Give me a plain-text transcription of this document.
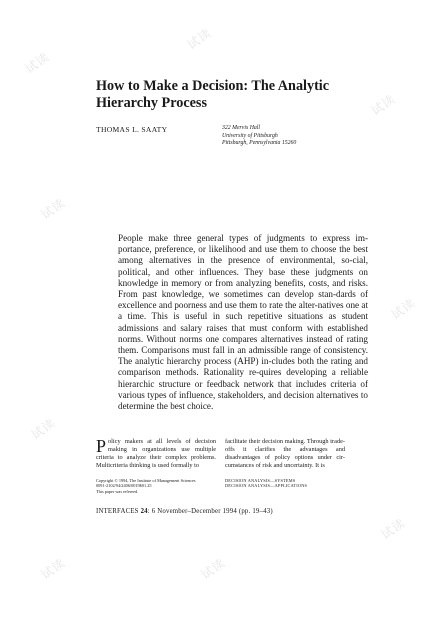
试读
试读
试读
试读
试读
试读
试读
试读
试读
How to Make a Decision: The Analytic
Hierarchy Process
THOMAS L. SAATY	322 Mervis Hall
University of Pittsburgh
Pittsburgh, Pennsylvania 15260

People make three general types of judgments to express im-portance, preference, or likelihood and use them to choose the best among alternatives in the presence of environmental, so-cial, political, and other influences. They base these judgments on knowledge in memory or from analyzing benefits, costs, and risks. From past knowledge, we sometimes can develop stan-dards of excellence and poorness and use them to rate the alter-natives one at a time. This is useful in such repetitive situations as student admissions and salary raises that must conform with established norms. Without norms one compares alternatives instead of rating them. Comparisons must fall in an admissible range of consistency. The analytic hierarchy process (AHP) in-cludes both the rating and comparison methods. Rationality re-quires developing a reliable hierarchic structure or feedback network that includes criteria of various types of influence, stakeholders, and decision alternatives to determine the best choice.

Policy makers at all levels of decision making in organizations use multiple criteria to analyze their complex problems. Multicriteria thinking is used formally to

facilitate their decision making. Through trade-offs it clarifies the advantages and disadvantages of policy options under cir-cumstances of risk and uncertainty. It is

Copyright © 1994, The Institute of Management Sciences
0091-2102/94/2406/0019$01.25
This paper was refereed.
DECISION ANALYSIS—SYSTEMS
DECISION ANALYSIS—APPLICATIONS
INTERFACES 24: 6 November–December 1994 (pp. 19–43)
